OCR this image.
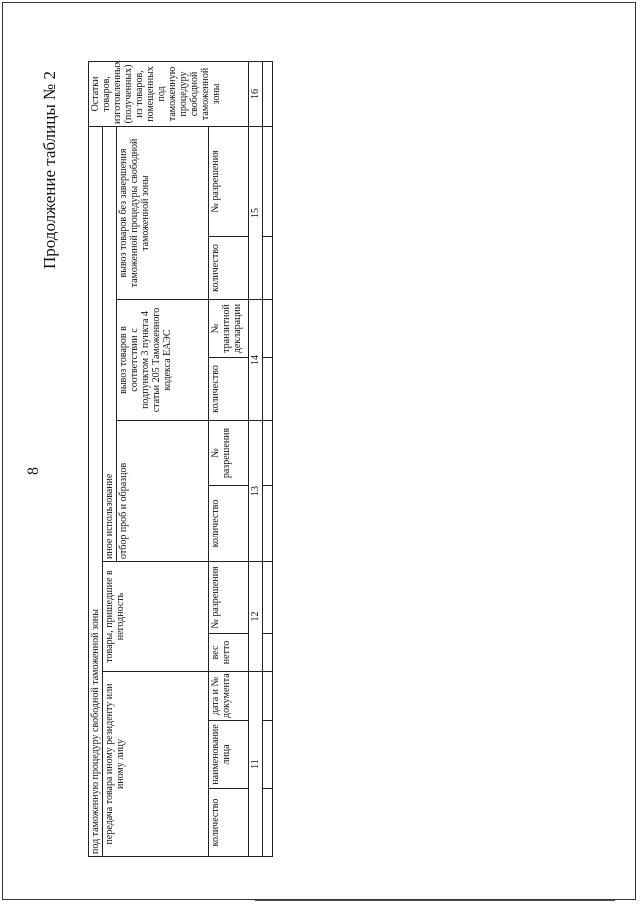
8
Продолжение таблицы № 2
под таможенную процедуру свободной таможенной зоны											Остатки товаров, изготовленных (полученных) из товаров, помещенных под таможенную процедуру свободной таможенной зоны
передача товара иному резиденту или иному лицу			товары, пришедшие в негодность		иное использование						
					отбор проб и образцов		вывоз товаров в соответствии с подпунктом 3 пункта 4 статьи 205 Таможенного кодекса ЕАЭС		вывоз товаров без завершения таможенной процедуры свободной таможенной зоны		
количество	наименование лица	дата и № документа	вес нетто	№ разрешения	количество	№ разрешения	количество	№ транзитной декларации	количество	№ разрешения	
11			12		13		14		15		16
